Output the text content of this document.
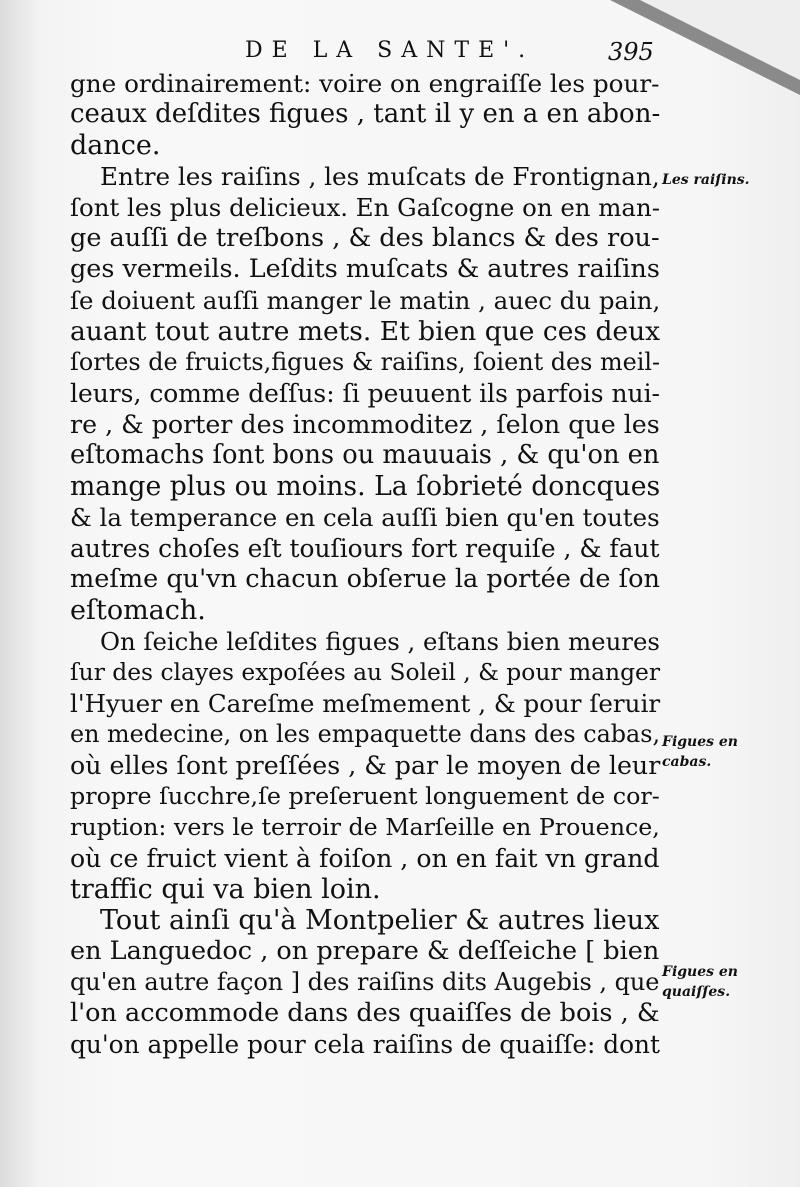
DE LA SANTE'.	395
gne ordinairement: voire on engraiſſe les pour-
ceaux deſdites figues , tant il y en a en abon-
dance.
Entre les raiſins , les muſcats de Frontignan,
ſont les plus delicieux. En Gaſcogne on en man-
ge auſſi de treſbons , & des blancs & des rou-
ges vermeils. Leſdits muſcats & autres raiſins
ſe doiuent auſſi manger le matin , auec du pain,
auant tout autre mets. Et bien que ces deux
ſortes de fruicts,figues & raiſins, ſoient des meil-
leurs, comme deſſus: ſi peuuent ils parfois nui-
re , & porter des incommoditez , ſelon que les
eſtomachs ſont bons ou mauuais , & qu'on en
mange plus ou moins. La ſobrieté doncques
& la temperance en cela auſſi bien qu'en toutes
autres choſes eſt touſiours fort requiſe , & faut
meſme qu'vn chacun obſerue la portée de ſon
eſtomach.
On ſeiche leſdites figues , eſtans bien meures
ſur des clayes expoſées au Soleil , & pour manger
l'Hyuer en Careſme meſmement , & pour ſeruir
en medecine, on les empaquette dans des cabas,
où elles ſont preſſées , & par le moyen de leur
propre ſucchre,ſe preſeruent longuement de cor-
ruption: vers le terroir de Marſeille en Prouence,
où ce fruict vient à foiſon , on en fait vn grand
traffic qui va bien loin.
Tout ainſi qu'à Montpelier & autres lieux
en Languedoc , on prepare & deſſeiche [ bien
qu'en autre façon ] des raiſins dits Augebis , que
l'on accommode dans des quaiſſes de bois , &
qu'on appelle pour cela raiſins de quaiſſe: dont
Les raiſins.
Figues en
cabas.
Figues en
quaiſſes.
